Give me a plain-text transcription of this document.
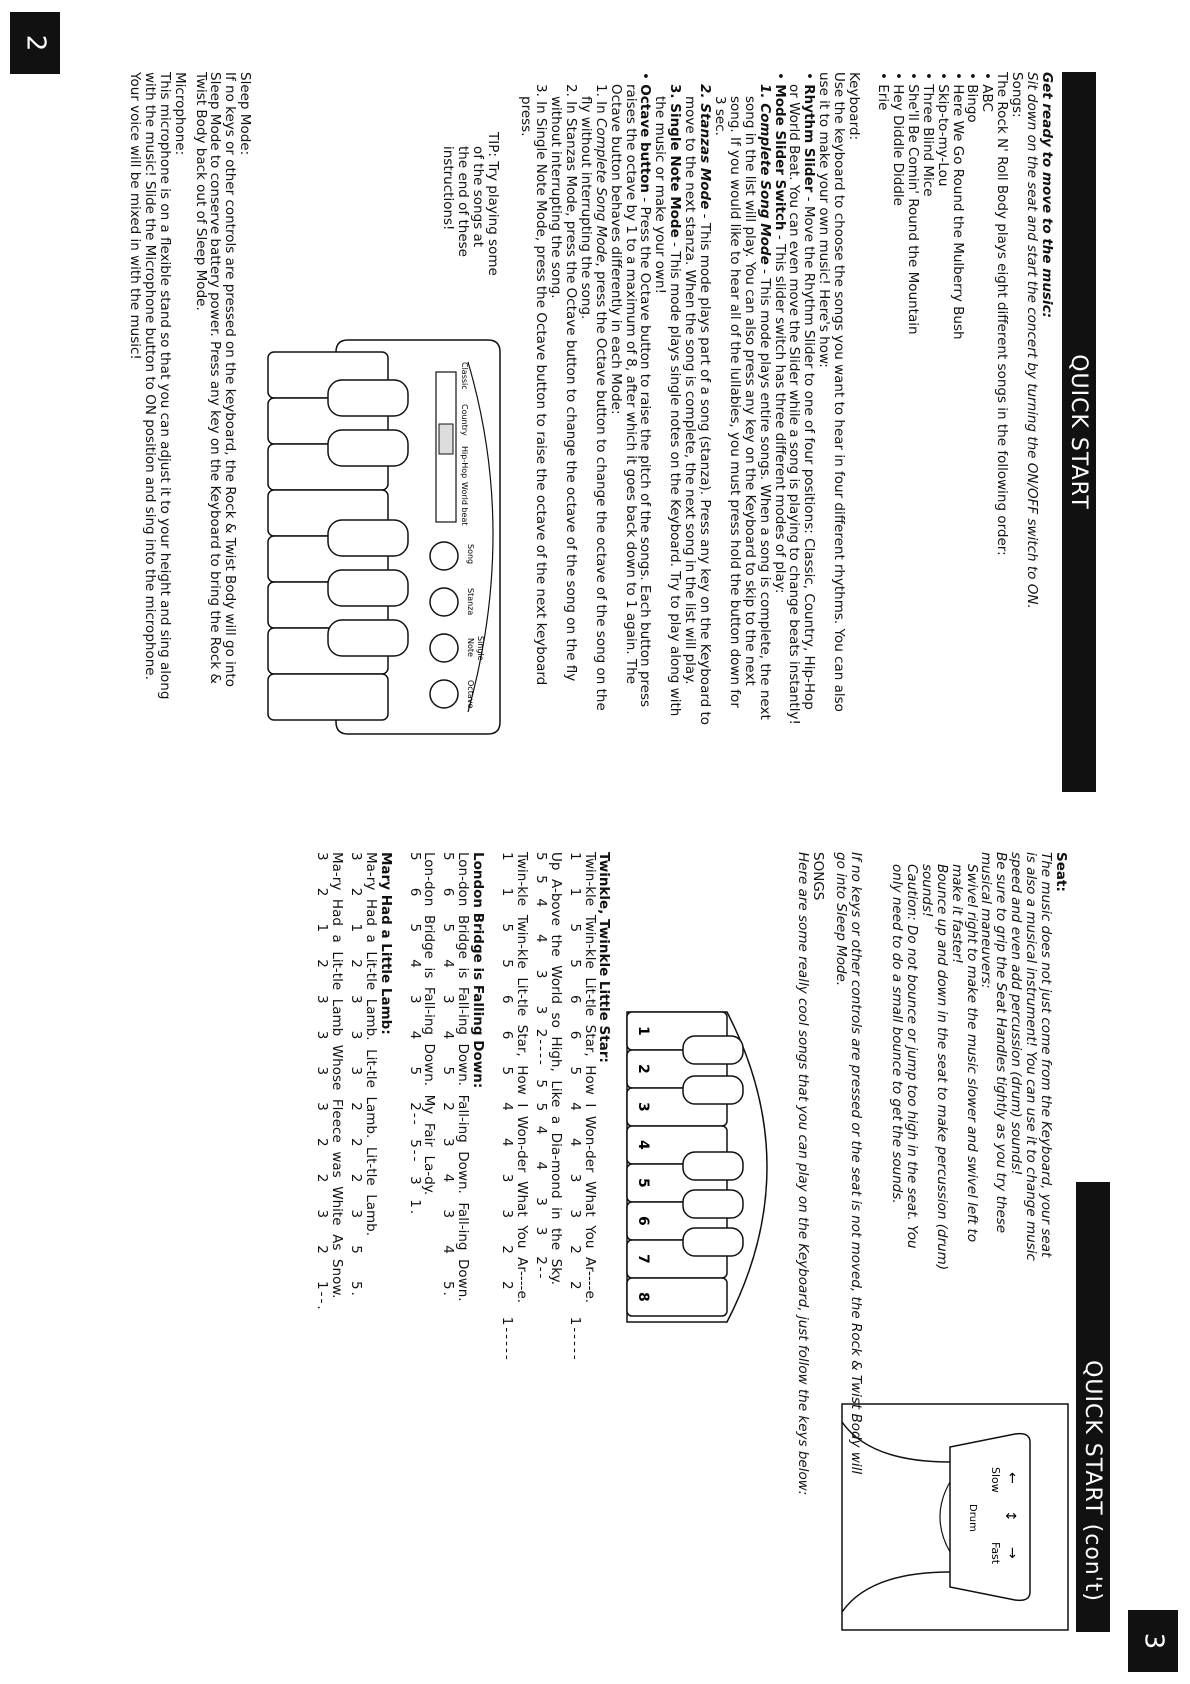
2
3
QUICK START

Get ready to move to the music:

Sit down on the seat and start the concert by turning the ON/OFF switch to ON.

Songs:

The Rock N' Roll Body plays eight different songs in the following order:

• ABC

• Bingo

• Here We Go Round the Mulberry Bush

• Skip-to-my-Lou

• Three Blind Mice

• She'll Be Comin' Round the Mountain

• Hey Diddle Diddle

• Erie

Keyboard:

Use the keyboard to choose the songs you want to hear in four different rhythms. You can also

use it to make your own music! Here's how:

• Rhythm Slider - Move the Rhythm Slider to one of four positions: Classic, Country, Hip-Hop

or World Beat. You can even move the Slider while a song is playing to change beats instantly!

• Mode Slider Switch - This slider switch has three different modes of play:

1. Complete Song Mode - This mode plays entire songs. When a song is complete, the next

song in the list will play. You can also press any key on the Keyboard to skip to the next

song. If you would like to hear all of the lullabies, you must press hold the button down for

3 sec.

2. Stanzas Mode - This mode plays part of a song (stanza). Press any key on the Keyboard to

move to the next stanza. When the song is complete, the next song in the list will play.

3. Single Note Mode - This mode plays single notes on the Keyboard. Try to play along with

the music or make your own!

• Octave button - Press the Octave button to raise the pitch of the songs. Each button press

raises the octave by 1 to a maximum of 8, after which it goes back down to 1 again. The

Octave button behaves differently in each Mode:

1. In Complete Song Mode, press the Octave button to change the octave of the song on the

fly without interrupting the song.

2. In Stanzas Mode, press the Octave button to change the octave of the song on the fly

without interrupting the song.

3. In Single Note Mode, press the Octave button to raise the octave of the next keyboard

press.

TIP: Try playing some

of the songs at

the end of these

instructions!

Classic
Country
Hip-Hop
World beat
Song
Stanza
Single
Note
Octave

Sleep Mode:

If no keys or other controls are pressed on the keyboard, the Rock & Twist Body will go into

Sleep Mode to conserve battery power. Press any key on the Keyboard to bring the Rock &

Twist Body back out of Sleep Mode.

Microphone:

This microphone is on a flexible stand so that you can adjust it to your height and sing along

with the music! Slide the Microphone button to ON position and sing into the microphone.

Your voice will be mixed in with the music!

QUICK START (con't)
Slow
Fast
Drum
←
→
↕

Seat:

The music does not just come from the Keyboard, your seat

is also a musical instrument! You can use it to change music

speed and even add percussion (drum) sounds!

Be sure to grip the Seat Handles tightly as you try these

musical maneuvers:

Swivel right to make the music slower and swivel left to

make it faster!

Bounce up and down in the seat to make percussion (drum)

sounds!

Caution: Do not bounce or jump too high in the seat. You

only need to do a small bounce to get the sounds.

If no keys or other controls are pressed or the seat is not moved, the Rock & Twist Body will

go into Sleep Mode.

SONGS

Here are some really cool songs that you can play on the Keyboard, just follow the keys below:

1
2
3
4
5
6
7
8

Twinkle, Twinkle Little Star:

Twin-kle  Twin-kle  Lit-tle  Star,  How  I  Won-der  What  You  Ar----e.

1    1    5    5    6    6    5    4    4    3    3    2    2    1-----

Up  A-bove  the  World  so  High,  Like  a  Dia-mond  in  the  Sky.

5  5  4    4    3    3  2----  5  5  4    4    3   3   2--

Twin-kle  Twin-kle  Lit-tle  Star,  How  I  Won-der  What  You  Ar----e.

1    1    5    5    6    6    5    4    4    3    3    2    2    1-----

London Bridge is Falling Down:

Lon-don  Bridge  is  Fall-ing  Down.  Fall-ing  Down.  Fall-ing  Down.

5    6    5    4    3    4    5    2    3    4    3    4    5.

Lon-don  Bridge  is  Fall-ing  Down.  My  Fair  La-dy.

5    6    5    4    3    4    5    2--  5--  3  1.

Mary Had a Little Lamb:

Ma-ry  Had  a  Lit-tle  Lamb.  Lit-tle  Lamb.  Lit-tle  Lamb.

3    2    1    2    3    3    3    2    2    2    3    5    5.

Ma-ry  Had  a  Lit-tle  Lamb  Whose  Fleece  was  White  As  Snow.

3    2    1    2    3    3    3    3    2    2    3    2    1--.
